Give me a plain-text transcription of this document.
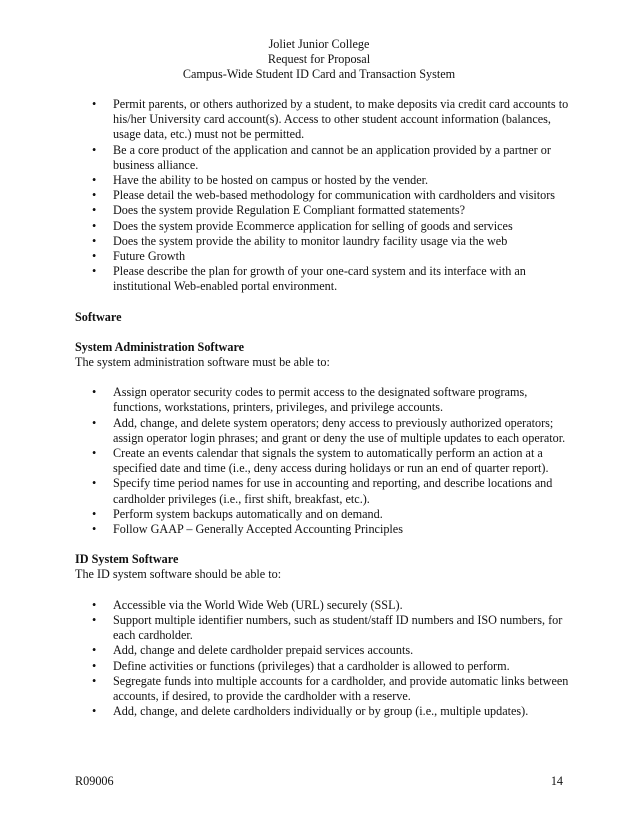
Joliet Junior College
Request for Proposal
Campus-Wide Student ID Card and Transaction System
• Permit parents, or others authorized by a student, to make deposits via credit card accounts to his/her University card account(s). Access to other student account information (balances, usage data, etc.) must not be permitted.
• Be a core product of the application and cannot be an application provided by a partner or business alliance.
• Have the ability to be hosted on campus or hosted by the vender.
• Please detail the web-based methodology for communication with cardholders and visitors
• Does the system provide Regulation E Compliant formatted statements?
• Does the system provide Ecommerce application for selling of goods and services
• Does the system provide the ability to monitor laundry facility usage via the web
• Future Growth
• Please describe the plan for growth of your one-card system and its interface with an institutional Web-enabled portal environment.
Software
System Administration Software
The system administration software must be able to:
• Assign operator security codes to permit access to the designated software programs, functions, workstations, printers, privileges, and privilege accounts.
• Add, change, and delete system operators; deny access to previously authorized operators; assign operator login phrases; and grant or deny the use of multiple updates to each operator.
• Create an events calendar that signals the system to automatically perform an action at a specified date and time (i.e., deny access during holidays or run an end of quarter report).
• Specify time period names for use in accounting and reporting, and describe locations and cardholder privileges (i.e., first shift, breakfast, etc.).
• Perform system backups automatically and on demand.
• Follow GAAP – Generally Accepted Accounting Principles
ID System Software
The ID system software should be able to:
• Accessible via the World Wide Web (URL) securely (SSL).
• Support multiple identifier numbers, such as student/staff ID numbers and ISO numbers, for each cardholder.
• Add, change and delete cardholder prepaid services accounts.
• Define activities or functions (privileges) that a cardholder is allowed to perform.
• Segregate funds into multiple accounts for a cardholder, and provide automatic links between accounts, if desired, to provide the cardholder with a reserve.
• Add, change, and delete cardholders individually or by group (i.e., multiple updates).
R09006	14
